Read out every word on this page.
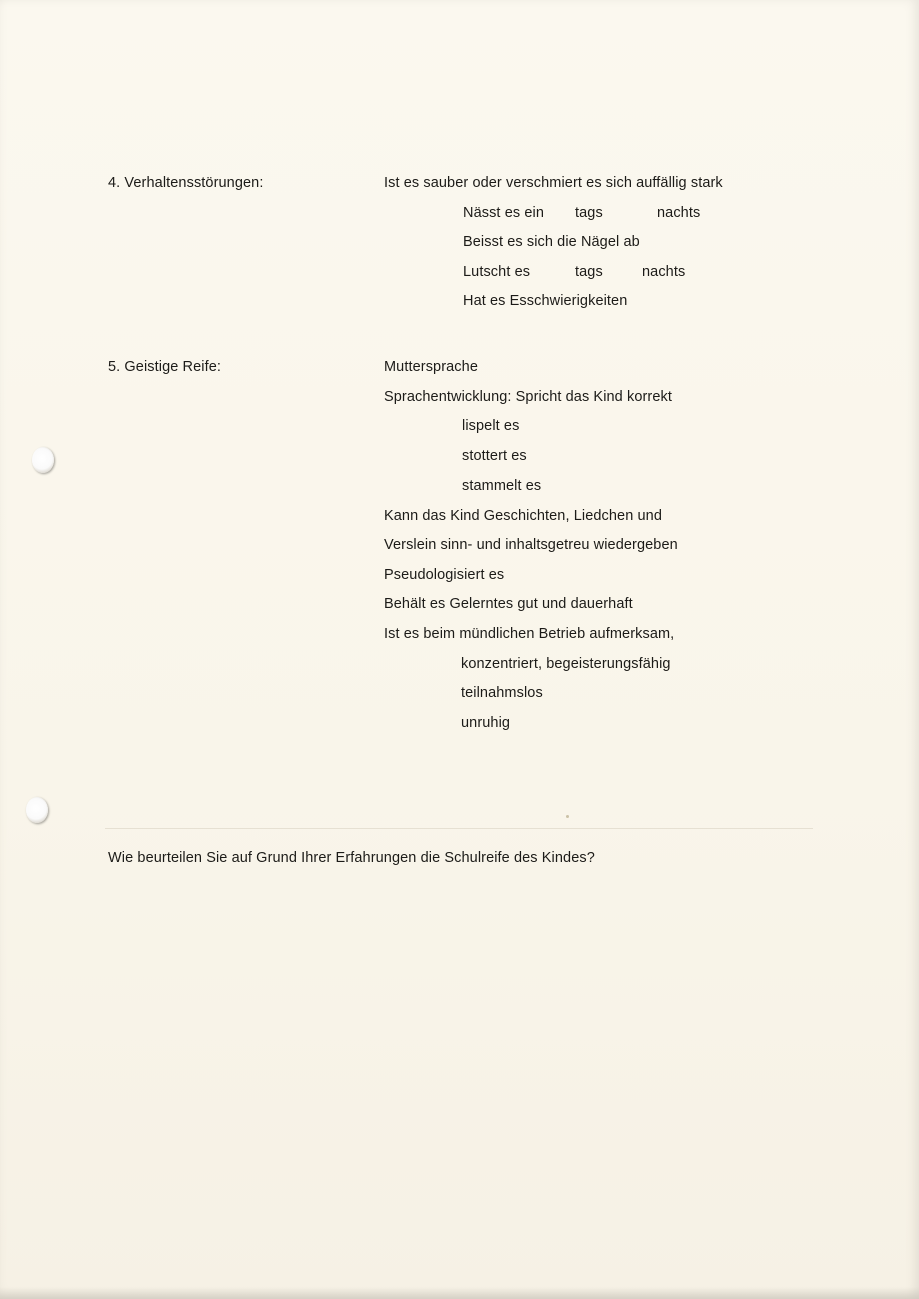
4. Verhaltensstörungen:	Ist es sauber oder verschmiert es sich auffällig stark
Nässt es ein tags	nachts
Beisst es sich die Nägel ab
Lutscht es	tags	nachts
Hat es Esschwierigkeiten
5. Geistige Reife:	Muttersprache
Sprachentwicklung: Spricht das Kind korrekt
lispelt es
stottert es
stammelt es
Kann das Kind Geschichten, Liedchen und
Verslein sinn- und inhaltsgetreu wiedergeben
Pseudologisiert es
Behält es Gelerntes gut und dauerhaft
Ist es beim mündlichen Betrieb aufmerksam,
konzentriert, begeisterungsfähig
teilnahmslos
unruhig
Wie beurteilen Sie auf Grund Ihrer Erfahrungen die Schulreife des Kindes?
